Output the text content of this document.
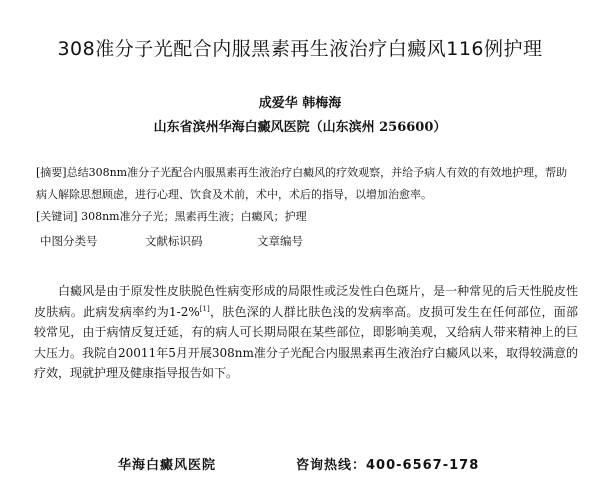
308准分子光配合内服黑素再生液治疗白癜风116例护理
成爱华 韩梅海
山东省滨州华海白癜风医院（山东滨州 256600）
[摘要]总结308nm准分子光配合内服黑素再生液治疗白癜风的疗效观察，并给予病人有效的有效地护理，帮助病人解除思想顾虑，进行心理、饮食及术前，术中，术后的指导，以增加治愈率。
[关键词] 308nm准分子光；黑素再生液；白癜风；护理
中图分类号	文献标识码	文章编号
白癜风是由于原发性皮肤脱色性病变形成的局限性或泛发性白色斑片，是一种常见的后天性脱皮性皮肤病。此病发病率约为1-2%[1]，肤色深的人群比肤色浅的发病率高。皮损可发生在任何部位，面部较常见，由于病情反复迁延，有的病人可长期局限在某些部位，即影响美观，又给病人带来精神上的巨大压力。我院自20011年5月开展308nm准分子光配合内服黑素再生液治疗白癜风以来，取得较满意的疗效，现就护理及健康指导报告如下。
华海白癜风医院	咨询热线：400-6567-178
